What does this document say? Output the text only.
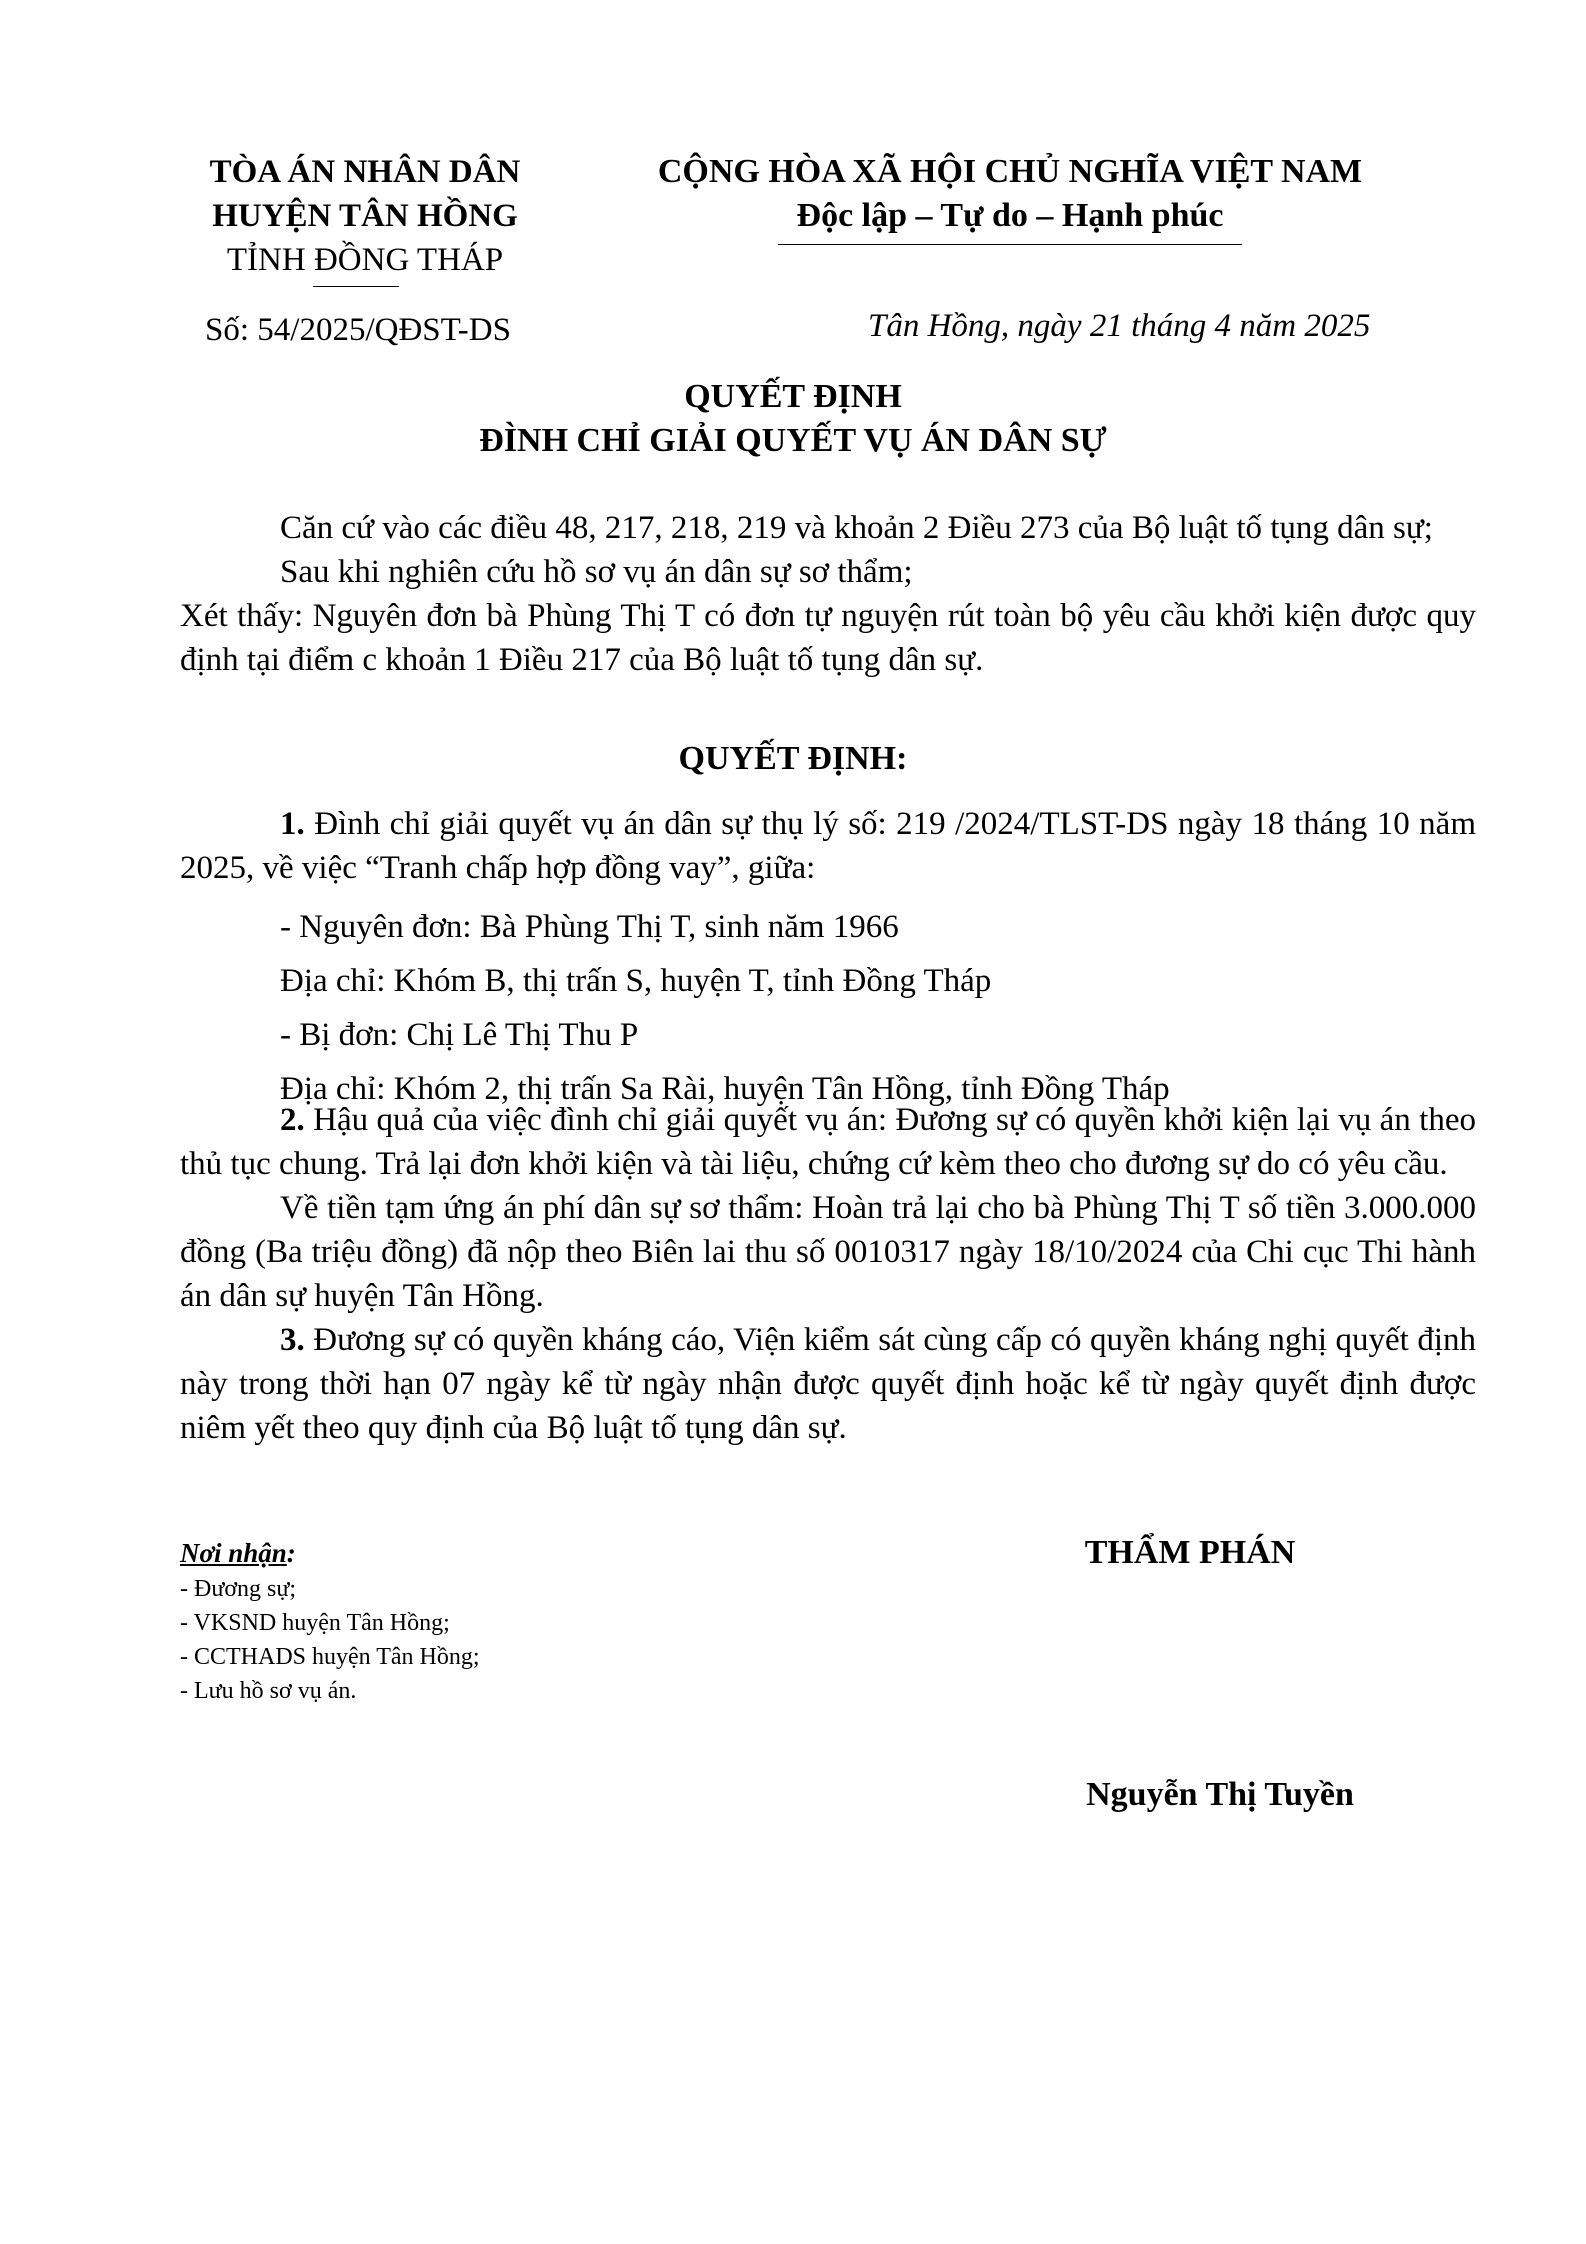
TÒA ÁN NHÂN DÂN
HUYỆN TÂN HỒNG
TỈNH ĐỒNG THÁP
CỘNG HÒA XÃ HỘI CHỦ NGHĨA VIỆT NAM
Độc lập – Tự do – Hạnh phúc
Số: 54/2025/QĐST-DS	Tân Hồng, ngày 21 tháng 4 năm 2025
QUYẾT ĐỊNH
ĐÌNH CHỈ GIẢI QUYẾT VỤ ÁN DÂN SỰ

Căn cứ vào các điều 48, 217, 218, 219 và khoản 2 Điều 273 của Bộ luật tố tụng dân sự;

Sau khi nghiên cứu hồ sơ vụ án dân sự sơ thẩm;

Xét thấy: Nguyên đơn bà Phùng Thị T có đơn tự nguyện rút toàn bộ yêu cầu khởi kiện được quy định tại điểm c khoản 1 Điều 217 của Bộ luật tố tụng dân sự.

QUYẾT ĐỊNH:

1. Đình chỉ giải quyết vụ án dân sự thụ lý số: 219 /2024/TLST-DS ngày 18 tháng 10 năm 2025, về việc “Tranh chấp hợp đồng vay”, giữa:

- Nguyên đơn: Bà Phùng Thị T, sinh năm 1966

Địa chỉ: Khóm B, thị trấn S, huyện T, tỉnh Đồng Tháp

- Bị đơn: Chị Lê Thị Thu P

Địa chỉ: Khóm 2, thị trấn Sa Rài, huyện Tân Hồng, tỉnh Đồng Tháp

2. Hậu quả của việc đình chỉ giải quyết vụ án: Đương sự có quyền khởi kiện lại vụ án theo thủ tục chung. Trả lại đơn khởi kiện và tài liệu, chứng cứ kèm theo cho đương sự do có yêu cầu.

Về tiền tạm ứng án phí dân sự sơ thẩm: Hoàn trả lại cho bà Phùng Thị T số tiền 3.000.000 đồng (Ba triệu đồng) đã nộp theo Biên lai thu số 0010317 ngày 18/10/2024 của Chi cục Thi hành án dân sự huyện Tân Hồng.

3. Đương sự có quyền kháng cáo, Viện kiểm sát cùng cấp có quyền kháng nghị quyết định này trong thời hạn 07 ngày kể từ ngày nhận được quyết định hoặc kể từ ngày quyết định được niêm yết theo quy định của Bộ luật tố tụng dân sự.

Nơi nhận:
- Đương sự;
- VKSND huyện Tân Hồng;
- CCTHADS huyện Tân Hồng;
- Lưu hồ sơ vụ án.
THẨM PHÁN
Nguyễn Thị Tuyền
